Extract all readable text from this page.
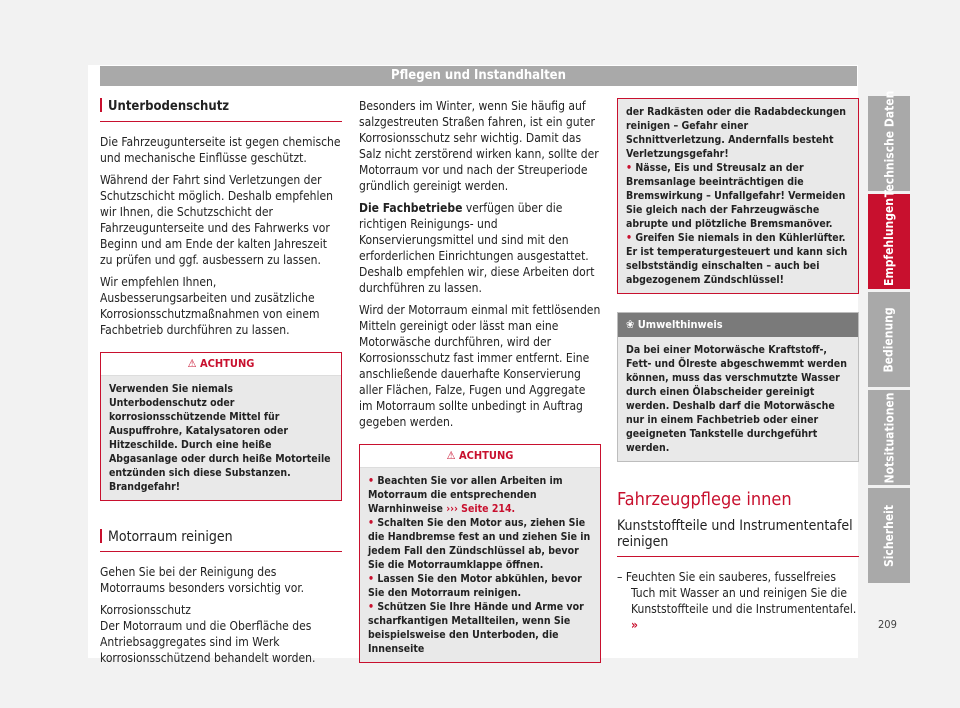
Pflegen und Instandhalten
Unterbodenschutz

Die Fahrzeugunterseite ist gegen chemische und mechanische Einflüsse geschützt.

Während der Fahrt sind Verletzungen der Schutzschicht möglich. Deshalb empfehlen wir Ihnen, die Schutzschicht der Fahrzeugunterseite und des Fahrwerks vor Beginn und am Ende der kalten Jahreszeit zu prüfen und ggf. ausbessern zu lassen.

Wir empfehlen Ihnen, Ausbesserungsarbeiten und zusätzliche Korrosionsschutzmaßnahmen von einem Fachbetrieb durchführen zu lassen.

⚠ ACHTUNG
Verwenden Sie niemals Unterbodenschutz oder korrosionsschützende Mittel für Auspuffrohre, Katalysatoren oder Hitzeschilde. Durch eine heiße Abgasanlage oder durch heiße Motorteile entzünden sich diese Substanzen. Brandgefahr!
Motorraum reinigen

Gehen Sie bei der Reinigung des Motorraums besonders vorsichtig vor.

Korrosionsschutz

Der Motorraum und die Oberfläche des Antriebsaggregates sind im Werk korrosionsschützend behandelt worden.

Besonders im Winter, wenn Sie häufig auf salzgestreuten Straßen fahren, ist ein guter Korrosionsschutz sehr wichtig. Damit das Salz nicht zerstörend wirken kann, sollte der Motorraum vor und nach der Streuperiode gründlich gereinigt werden.

Die Fachbetriebe verfügen über die richtigen Reinigungs- und Konservierungsmittel und sind mit den erforderlichen Einrichtungen ausgestattet. Deshalb empfehlen wir, diese Arbeiten dort durchführen zu lassen.

Wird der Motorraum einmal mit fettlösenden Mitteln gereinigt oder lässt man eine Motorwäsche durchführen, wird der Korrosionsschutz fast immer entfernt. Eine anschließende dauerhafte Konservierung aller Flächen, Falze, Fugen und Aggregate im Motorraum sollte unbedingt in Auftrag gegeben werden.

⚠ ACHTUNG
• Beachten Sie vor allen Arbeiten im Motorraum die entsprechenden Warnhinweise ››› Seite 214.
• Schalten Sie den Motor aus, ziehen Sie die Handbremse fest an und ziehen Sie in jedem Fall den Zündschlüssel ab, bevor Sie die Motorraumklappe öffnen.
• Lassen Sie den Motor abkühlen, bevor Sie den Motorraum reinigen.
• Schützen Sie Ihre Hände und Arme vor scharfkantigen Metallteilen, wenn Sie beispielsweise den Unterboden, die Innenseite
der Radkästen oder die Radabdeckungen reinigen – Gefahr einer Schnittverletzung. Andernfalls besteht Verletzungsgefahr!
• Nässe, Eis und Streusalz an der Bremsanlage beeinträchtigen die Bremswirkung – Unfallgefahr! Vermeiden Sie gleich nach der Fahrzeugwäsche abrupte und plötzliche Bremsmanöver.
• Greifen Sie niemals in den Kühlerlüfter. Er ist temperaturgesteuert und kann sich selbstständig einschalten – auch bei abgezogenem Zündschlüssel!
❀ Umwelthinweis
Da bei einer Motorwäsche Kraftstoff-, Fett- und Ölreste abgeschwemmt werden können, muss das verschmutzte Wasser durch einen Ölabscheider gereinigt werden. Deshalb darf die Motorwäsche nur in einem Fachbetrieb oder einer geeigneten Tankstelle durchgeführt werden.
Fahrzeugpflege innen
Kunststoffteile und Instrumententafel reinigen

– Feuchten Sie ein sauberes, fusselfreies Tuch mit Wasser an und reinigen Sie die Kunststoffteile und die Instrumententafel. »

Technische Daten
Empfehlungen
Bedienung
Notsituationen
Sicherheit
209
